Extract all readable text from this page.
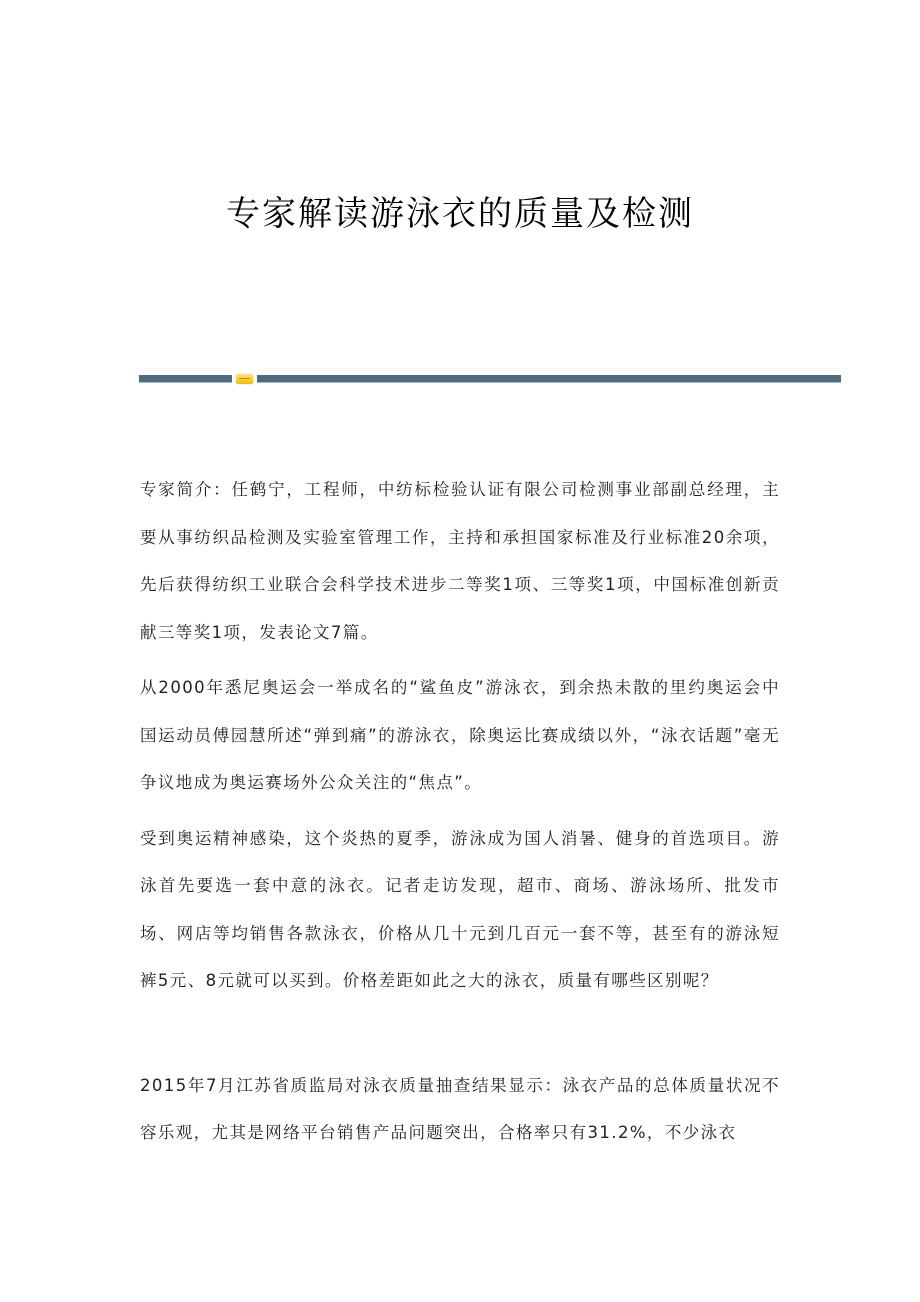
专家解读游泳衣的质量及检测

专家简介：任鹤宁，工程师，中纺标检验认证有限公司检测事业部副总经理，主要从事纺织品检测及实验室管理工作，主持和承担国家标准及行业标准20余项，先后获得纺织工业联合会科学技术进步二等奖1项、三等奖1项，中国标准创新贡献三等奖1项，发表论文7篇。

从2000年悉尼奥运会一举成名的“鲨鱼皮”游泳衣，到余热未散的里约奥运会中国运动员傅园慧所述“弹到痛”的游泳衣，除奥运比赛成绩以外，“泳衣话题”毫无争议地成为奥运赛场外公众关注的“焦点”。

受到奥运精神感染，这个炎热的夏季，游泳成为国人消暑、健身的首选项目。游泳首先要选一套中意的泳衣。记者走访发现，超市、商场、游泳场所、批发市场、网店等均销售各款泳衣，价格从几十元到几百元一套不等，甚至有的游泳短裤5元、8元就可以买到。价格差距如此之大的泳衣，质量有哪些区别呢？

2015年7月江苏省质监局对泳衣质量抽查结果显示：泳衣产品的总体质量状况不容乐观，尤其是网络平台销售产品问题突出，合格率只有31.2%，不少泳衣
